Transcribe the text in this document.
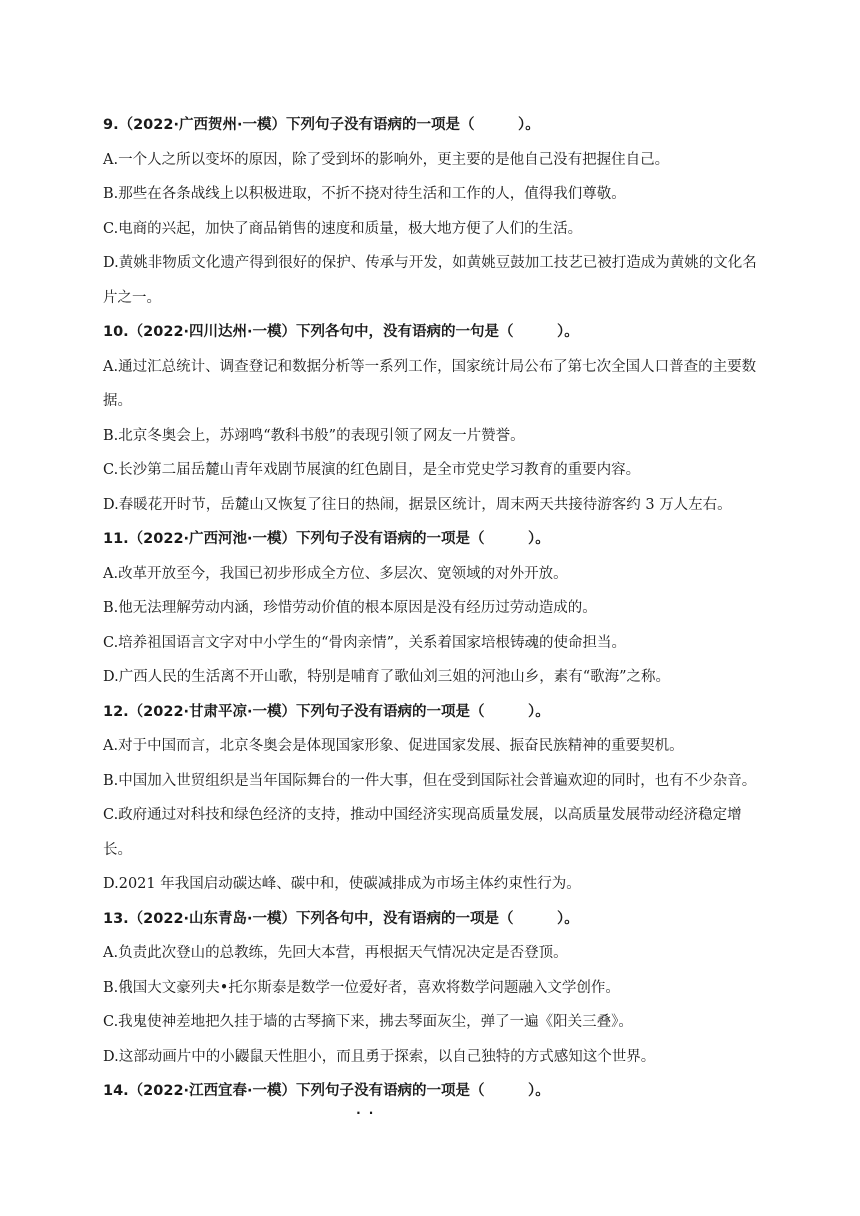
9.（2022·广西贺州·一模）下列句子没有语病的一项是（　　　）。
A.一个人之所以变坏的原因，除了受到坏的影响外，更主要的是他自己没有把握住自己。
B.那些在各条战线上以积极进取，不折不挠对待生活和工作的人，值得我们尊敬。
C.电商的兴起，加快了商品销售的速度和质量，极大地方便了人们的生活。
D.黄姚非物质文化遗产得到很好的保护、传承与开发，如黄姚豆鼓加工技艺已被打造成为黄姚的文化名片之一。
10.（2022·四川达州·一模）下列各句中，没有语病的一句是（　　　）。
A.通过汇总统计、调查登记和数据分析等一系列工作，国家统计局公布了第七次全国人口普查的主要数据。
B.北京冬奥会上，苏翊鸣“教科书般”的表现引领了网友一片赞誉。
C.长沙第二届岳麓山青年戏剧节展演的红色剧目，是全市党史学习教育的重要内容。
D.春暖花开时节，岳麓山又恢复了往日的热闹，据景区统计，周末两天共接待游客约 3 万人左右。
11.（2022·广西河池·一模）下列句子没有语病的一项是（　　　）。
A.改革开放至今，我国已初步形成全方位、多层次、宽领域的对外开放。
B.他无法理解劳动内涵，珍惜劳动价值的根本原因是没有经历过劳动造成的。
C.培养祖国语言文字对中小学生的“骨肉亲情”，关系着国家培根铸魂的使命担当。
D.广西人民的生活离不开山歌，特别是哺育了歌仙刘三姐的河池山乡，素有“歌海”之称。
12.（2022·甘肃平凉·一模）下列句子没有语病的一项是（　　　）。
A.对于中国而言，北京冬奥会是体现国家形象、促进国家发展、振奋民族精神的重要契机。
B.中国加入世贸组织是当年国际舞台的一件大事，但在受到国际社会普遍欢迎的同时，也有不少杂音。
C.政府通过对科技和绿色经济的支持，推动中国经济实现高质量发展，以高质量发展带动经济稳定增长。
D.2021 年我国启动碳达峰、碳中和，使碳减排成为市场主体约束性行为。
13.（2022·山东青岛·一模）下列各句中，没有语病的一项是（　　　）。
A.负责此次登山的总教练，先回大本营，再根据天气情况决定是否登顶。
B.俄国大文豪列夫•托尔斯泰是数学一位爱好者，喜欢将数学问题融入文学创作。
C.我鬼使神差地把久挂于墙的古琴摘下来，拂去琴面灰尘，弹了一遍《阳关三叠》。
D.这部动画片中的小鼹鼠天性胆小，而且勇于探索，以自己独特的方式感知这个世界。
14.（2022·江西宜春·一模）下列句子没有 · ·语病的一项是（　　　）。
